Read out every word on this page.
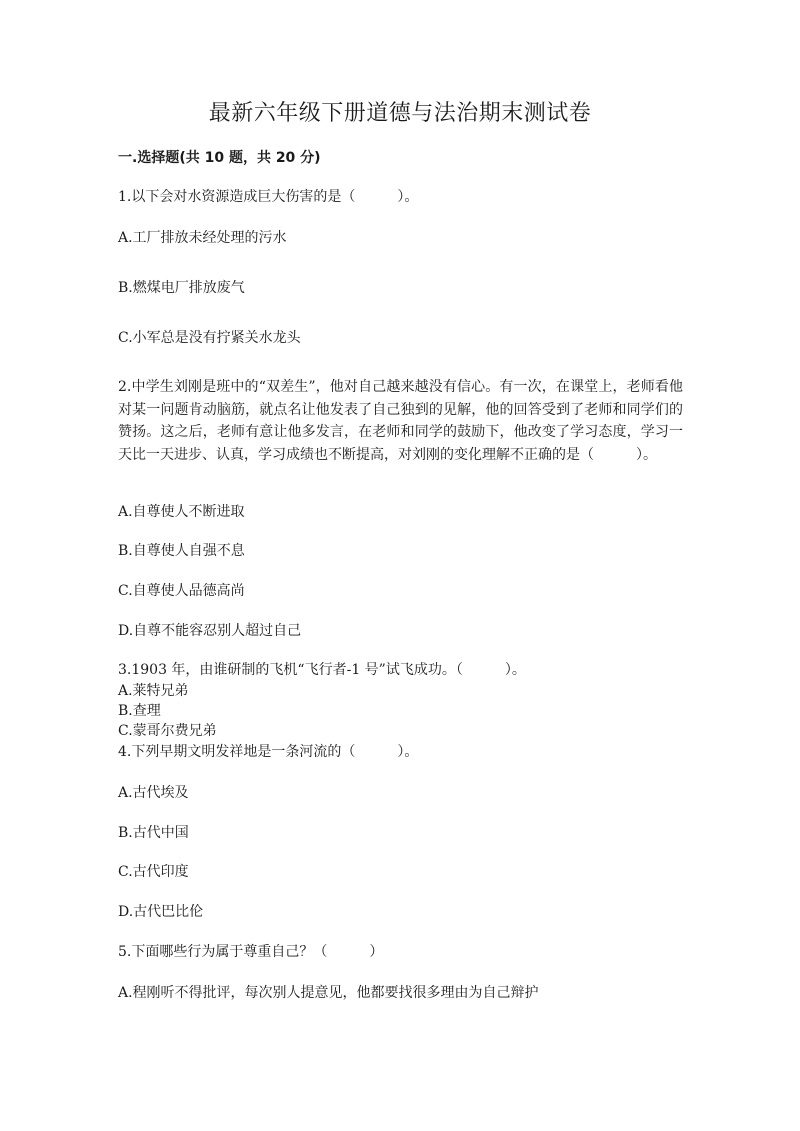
最新六年级下册道德与法治期末测试卷
一.选择题(共 10 题，共 20 分)
1.以下会对水资源造成巨大伤害的是（　　　）。
A.工厂排放未经处理的污水
B.燃煤电厂排放废气
C.小军总是没有拧紧关水龙头
2.中学生刘刚是班中的“双差生”，他对自己越来越没有信心。有一次，在课堂上，老师看他对某一问题肯动脑筋，就点名让他发表了自己独到的见解，他的回答受到了老师和同学们的赞扬。这之后，老师有意让他多发言，在老师和同学的鼓励下，他改变了学习态度，学习一天比一天进步、认真，学习成绩也不断提高，对刘刚的变化理解不正确的是（　　　）。
A.自尊使人不断进取
B.自尊使人自强不息
C.自尊使人品德高尚
D.自尊不能容忍别人超过自己
3.1903 年，由谁研制的飞机“飞行者-1 号”试飞成功。（　　　）。
A.莱特兄弟
B.查理
C.蒙哥尔费兄弟
4.下列早期文明发祥地是一条河流的（　　　）。
A.古代埃及
B.古代中国
C.古代印度
D.古代巴比伦
5.下面哪些行为属于尊重自己？（　　　）
A.程刚听不得批评，每次别人提意见，他都要找很多理由为自己辩护
